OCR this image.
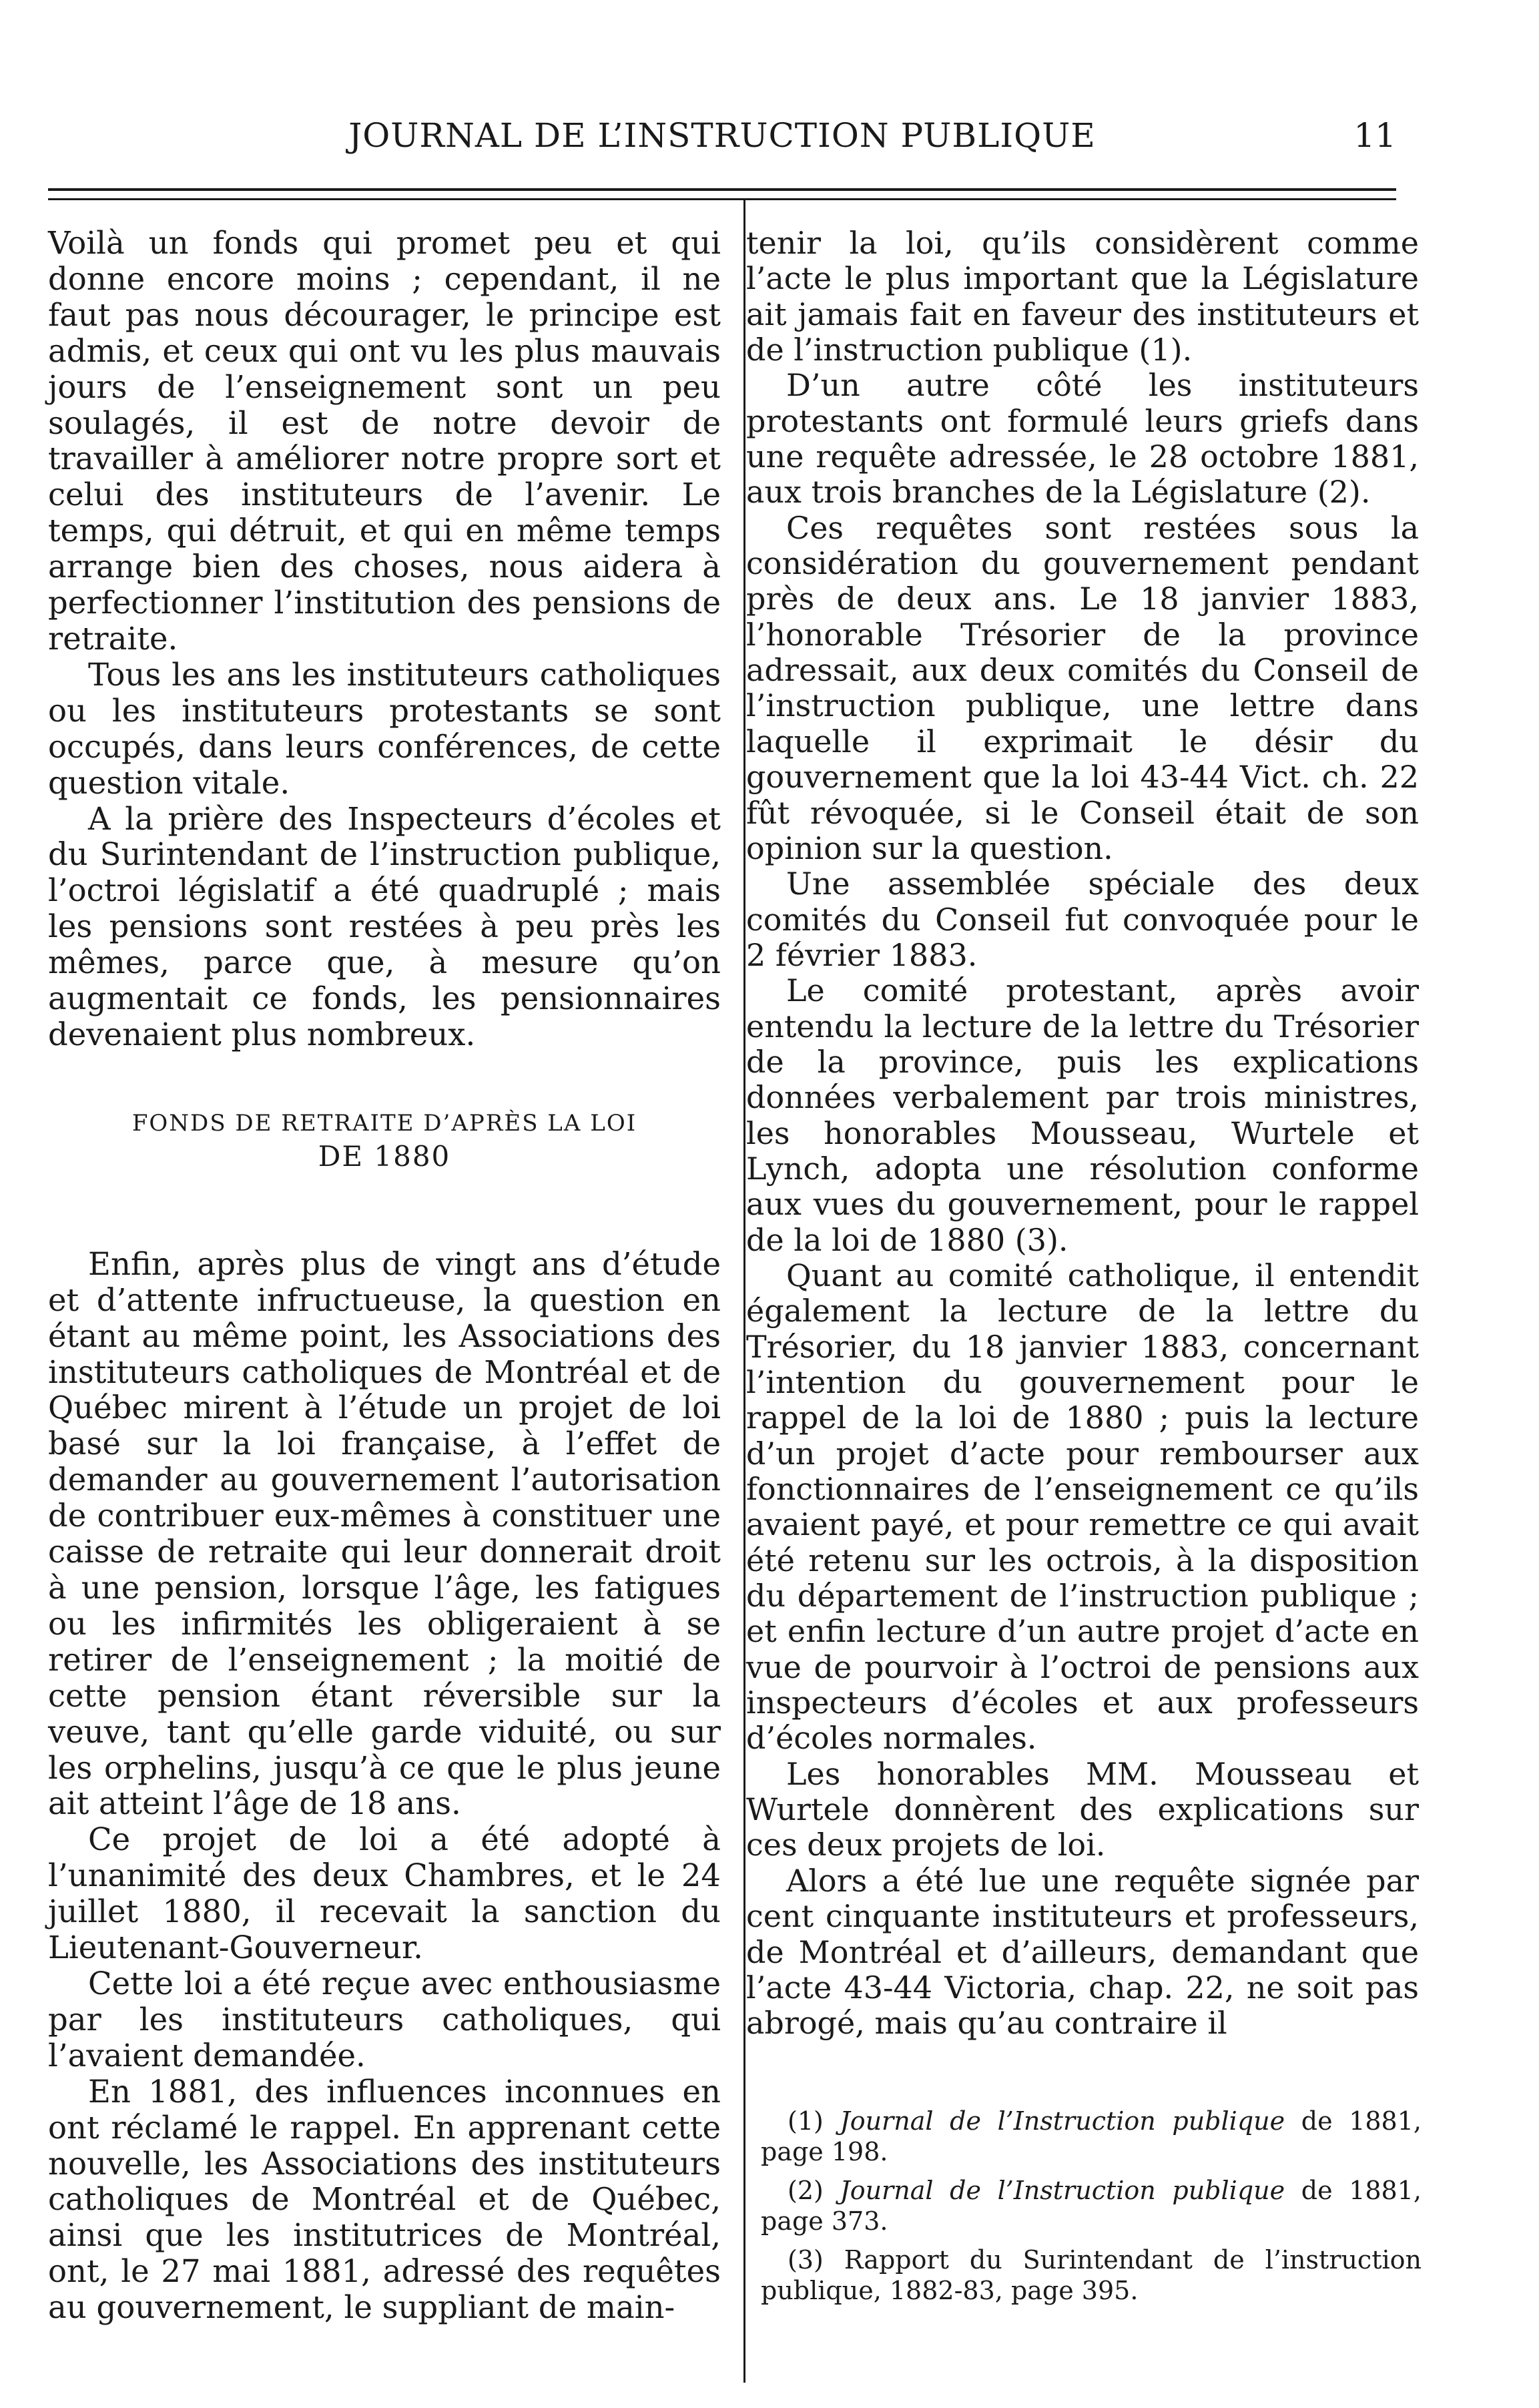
JOURNAL DE L’INSTRUCTION PUBLIQUE	11

Voilà un fonds qui promet peu et qui donne encore moins ; cependant, il ne faut pas nous décourager, le principe est admis, et ceux qui ont vu les plus mauvais jours de l’enseignement sont un peu soulagés, il est de notre devoir de travailler à améliorer notre propre sort et celui des instituteurs de l’avenir. Le temps, qui détruit, et qui en même temps arrange bien des choses, nous aidera à perfectionner l’institution des pensions de retraite.

Tous les ans les instituteurs catholiques ou les instituteurs protestants se sont occupés, dans leurs conférences, de cette question vitale.

A la prière des Inspecteurs d’écoles et du Surintendant de l’instruction publique, l’octroi législatif a été quadruplé ; mais les pensions sont restées à peu près les mêmes, parce que, à mesure qu’on augmentait ce fonds, les pensionnaires devenaient plus nombreux.

FONDS DE RETRAITE D’APRÈS LA LOI
DE 1880

Enfin, après plus de vingt ans d’étude et d’attente infructueuse, la question en étant au même point, les Associations des instituteurs catholiques de Montréal et de Québec mirent à l’étude un projet de loi basé sur la loi française, à l’effet de demander au gouvernement l’autorisation de contribuer eux-mêmes à constituer une caisse de retraite qui leur donnerait droit à une pension, lorsque l’âge, les fatigues ou les infirmités les obligeraient à se retirer de l’enseignement ; la moitié de cette pension étant réversible sur la veuve, tant qu’elle garde viduité, ou sur les orphelins, jusqu’à ce que le plus jeune ait atteint l’âge de 18 ans.

Ce projet de loi a été adopté à l’unanimité des deux Chambres, et le 24 juillet 1880, il recevait la sanction du Lieutenant-Gouverneur.

Cette loi a été reçue avec enthousiasme par les instituteurs catholiques, qui l’avaient demandée.

En 1881, des influences inconnues en ont réclamé le rappel. En apprenant cette nouvelle, les Associations des instituteurs catholiques de Montréal et de Québec, ainsi que les institutrices de Montréal, ont, le 27 mai 1881, adressé des requêtes au gouvernement, le suppliant de main-

tenir la loi, qu’ils considèrent comme l’acte le plus important que la Législature ait jamais fait en faveur des instituteurs et de l’instruction publique (1).

D’un autre côté les instituteurs protestants ont formulé leurs griefs dans une requête adressée, le 28 octobre 1881, aux trois branches de la Législature (2).

Ces requêtes sont restées sous la considération du gouvernement pendant près de deux ans. Le 18 janvier 1883, l’honorable Trésorier de la province adressait, aux deux comités du Conseil de l’instruction publique, une lettre dans laquelle il exprimait le désir du gouvernement que la loi 43-44 Vict. ch. 22 fût révoquée, si le Conseil était de son opinion sur la question.

Une assemblée spéciale des deux comités du Conseil fut convoquée pour le 2 février 1883.

Le comité protestant, après avoir entendu la lecture de la lettre du Trésorier de la province, puis les explications données verbalement par trois ministres, les honorables Mousseau, Wurtele et Lynch, adopta une résolution conforme aux vues du gouvernement, pour le rappel de la loi de 1880 (3).

Quant au comité catholique, il entendit également la lecture de la lettre du Trésorier, du 18 janvier 1883, concernant l’intention du gouvernement pour le rappel de la loi de 1880 ; puis la lecture d’un projet d’acte pour rembourser aux fonctionnaires de l’enseignement ce qu’ils avaient payé, et pour remettre ce qui avait été retenu sur les octrois, à la disposition du département de l’instruction publique ; et enfin lecture d’un autre projet d’acte en vue de pourvoir à l’octroi de pensions aux inspecteurs d’écoles et aux professeurs d’écoles normales.

Les honorables MM. Mousseau et Wurtele donnèrent des explications sur ces deux projets de loi.

Alors a été lue une requête signée par cent cinquante instituteurs et professeurs, de Montréal et d’ailleurs, demandant que l’acte 43-44 Victoria, chap. 22, ne soit pas abrogé, mais qu’au contraire il

(1) Journal de l’Instruction publique de 1881, page 198.

(2) Journal de l’Instruction publique de 1881, page 373.

(3) Rapport du Surintendant de l’instruction publique, 1882-83, page 395.
